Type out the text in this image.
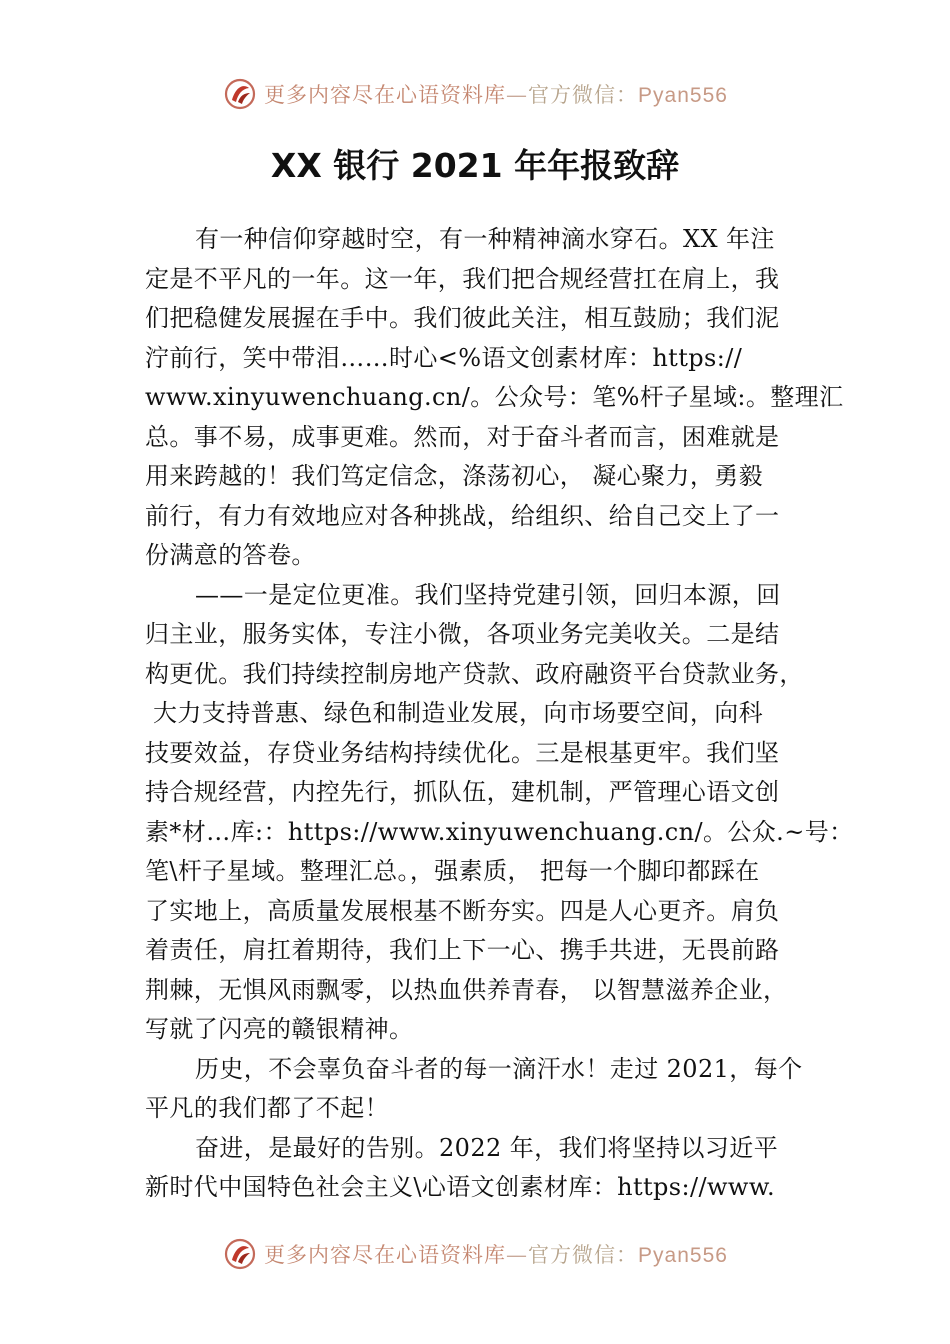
更多内容尽在心语资料库—官方微信：Pyan556
XX 银行 2021 年年报致辞
有一种信仰穿越时空，有一种精神滴水穿石。XX 年注
定是不平凡的一年。这一年，我们把合规经营扛在肩上，我
们把稳健发展握在手中。我们彼此关注，相互鼓励；我们泥
泞前行，笑中带泪……时心<%语文创素材库：https://
www.xinyuwenchuang.cn/。公众号：笔%杆子星域:。整理汇
总。事不易，成事更难。然而，对于奋斗者而言，困难就是
用来跨越的！我们笃定信念，涤荡初心， 凝心聚力，勇毅
前行，有力有效地应对各种挑战，给组织、给自己交上了一
份满意的答卷。
——一是定位更准。我们坚持党建引领，回归本源，回
归主业，服务实体，专注小微，各项业务完美收关。二是结
构更优。我们持续控制房地产贷款、政府融资平台贷款业务，
大力支持普惠、绿色和制造业发展，向市场要空间，向科
技要效益，存贷业务结构持续优化。三是根基更牢。我们坚
持合规经营，内控先行，抓队伍，建机制，严管理心语文创
素*材…库:：https://www.xinyuwenchuang.cn/。公众.~号：
笔\杆子星域。整理汇总。，强素质， 把每一个脚印都踩在
了实地上，高质量发展根基不断夯实。四是人心更齐。肩负
着责任，肩扛着期待，我们上下一心、携手共进，无畏前路
荆棘，无惧风雨飘零，以热血供养青春， 以智慧滋养企业，
写就了闪亮的赣银精神。
历史，不会辜负奋斗者的每一滴汗水！走过 2021，每个
平凡的我们都了不起！
奋进，是最好的告别。2022 年，我们将坚持以习近平
新时代中国特色社会主义\心语文创素材库：https://www.
更多内容尽在心语资料库—官方微信：Pyan556
